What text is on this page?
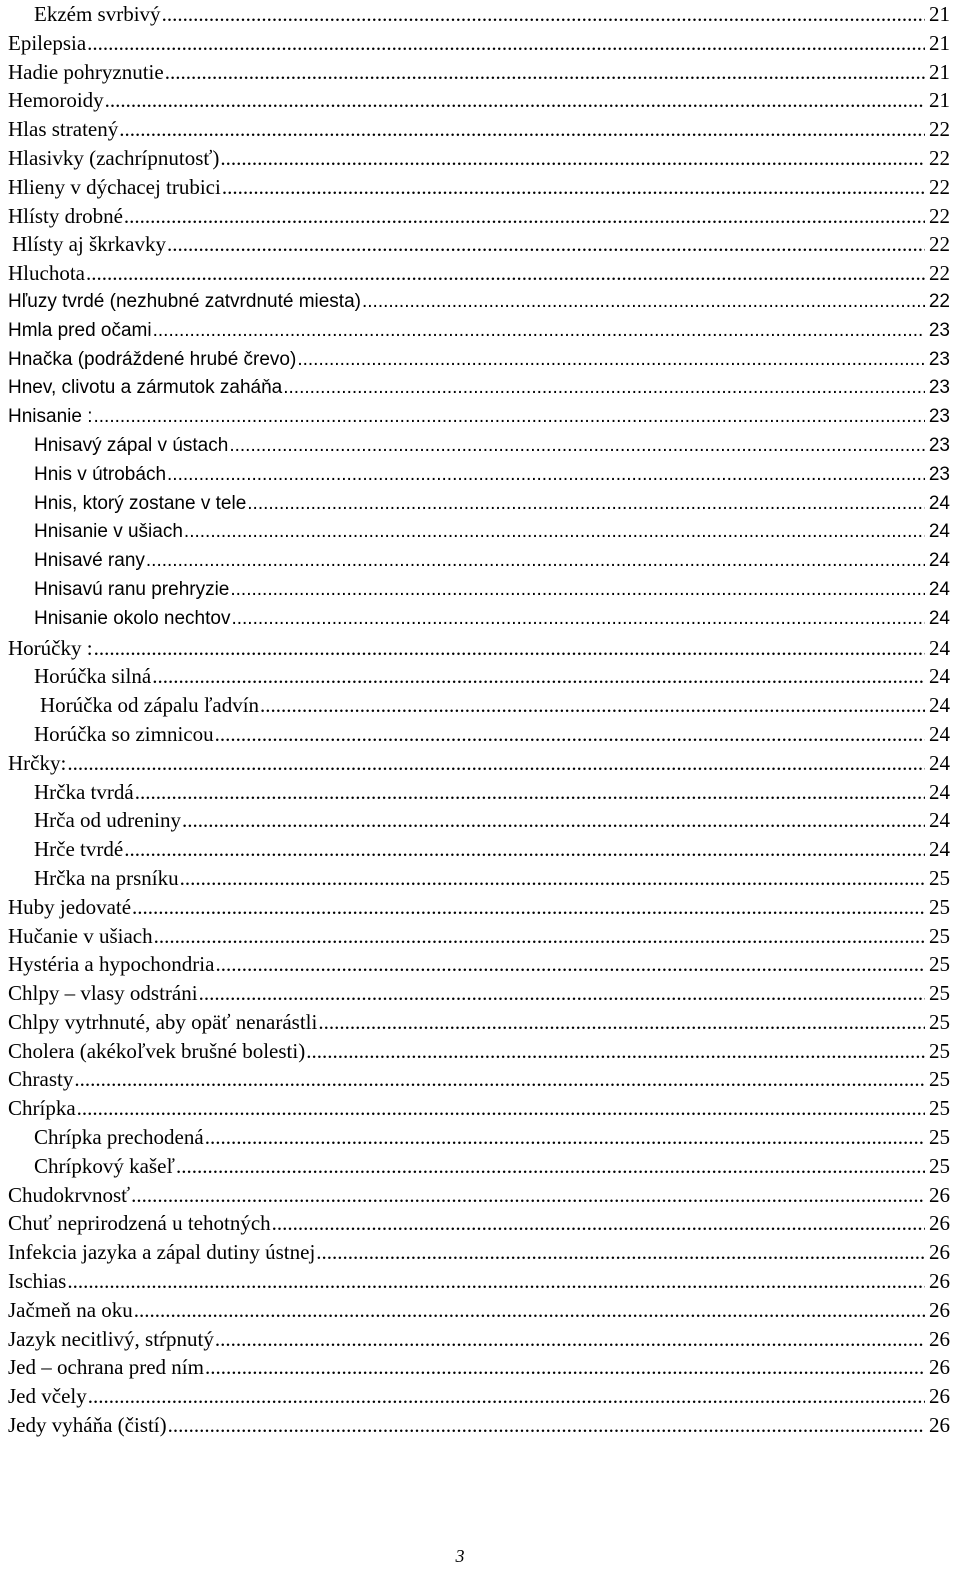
Ekzém svrbivý .....	21
Epilepsia .....	21
Hadie pohryznutie .....	21
Hemoroidy .....	21
Hlas stratený .....	22
Hlasivky (zachrípnutosť) .....	22
Hlieny v dýchacej trubici .....	22
Hlísty drobné .....	22
Hlísty aj škrkavky .....	22
Hluchota .....	22
Hľuzy tvrdé (nezhubné zatvrdnuté miesta) .....	22
Hmla pred očami .....	23
Hnačka (podráždené hrubé črevo) .....	23
Hnev, clivotu a zármutok zaháňa .....	23
Hnisanie : .....	23
Hnisavý zápal v ústach .....	23
Hnis v útrobách .....	23
Hnis, ktorý zostane v tele .....	24
Hnisanie v ušiach .....	24
Hnisavé rany .....	24
Hnisavú ranu prehryzie .....	24
Hnisanie okolo nechtov .....	24
Horúčky : .....	24
Horúčka silná .....	24
Horúčka od zápalu ľadvín .....	24
Horúčka so zimnicou .....	24
Hrčky: .....	24
Hrčka tvrdá .....	24
Hrča od udreniny .....	24
Hrče tvrdé .....	24
Hrčka na prsníku .....	25
Huby jedovaté .....	25
Hučanie v ušiach .....	25
Hystéria a hypochondria .....	25
Chlpy – vlasy odstráni .....	25
Chlpy vytrhnuté, aby opäť nenarástli .....	25
Cholera (akékoľvek brušné bolesti) .....	25
Chrasty .....	25
Chrípka .....	25
Chrípka prechodená .....	25
Chrípkový kašeľ .....	25
Chudokrvnosť .....	26
Chuť neprirodzená u tehotných .....	26
Infekcia jazyka a zápal dutiny ústnej .....	26
Ischias .....	26
Jačmeň na oku .....	26
Jazyk necitlivý, stŕpnutý .....	26
Jed – ochrana pred ním .....	26
Jed včely .....	26
Jedy vyháňa (čistí) .....	26
3
